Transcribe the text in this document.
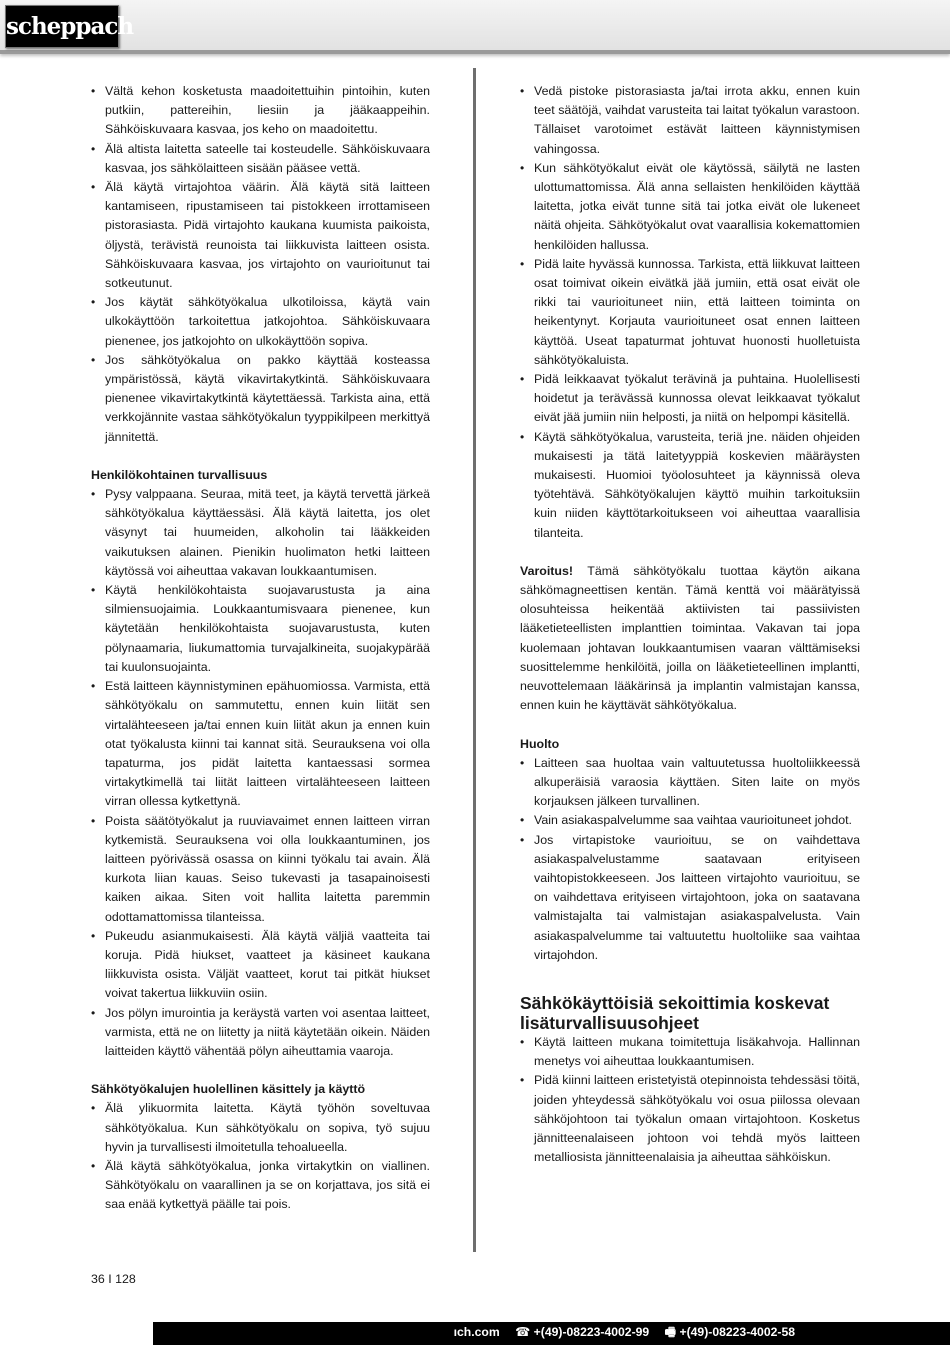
scheppach
• Vältä kehon kosketusta maadoitettuihin pintoihin, kuten putkiin, pattereihin, liesiin ja jääkaappeihin. Sähköiskuvaara kasvaa, jos keho on maadoitettu.
• Älä altista laitetta sateelle tai kosteudelle. Sähköiskuvaara kasvaa, jos sähkölaitteen sisään pääsee vettä.
• Älä käytä virtajohtoa väärin. Älä käytä sitä laitteen kantamiseen, ripustamiseen tai pistokkeen irrottamiseen pistorasiasta. Pidä virtajohto kaukana kuumista paikoista, öljystä, terävistä reunoista tai liikkuvista laitteen osista. Sähköiskuvaara kasvaa, jos virtajohto on vaurioitunut tai sotkeutunut.
• Jos käytät sähkötyökalua ulkotiloissa, käytä vain ulkokäyttöön tarkoitettua jatkojohtoa. Sähköiskuvaara pienenee, jos jatkojohto on ulkokäyttöön sopiva.
• Jos sähkötyökalua on pakko käyttää kosteassa ympäristössä, käytä vikavirtakytkintä. Sähköiskuvaara pienenee vikavirtakytkintä käytettäessä. Tarkista aina, että verkkojännite vastaa sähkötyökalun tyyppikilpeen merkittyä jännitettä.
Henkilökohtainen turvallisuus
• Pysy valppaana. Seuraa, mitä teet, ja käytä tervettä järkeä sähkötyökalua käyttäessäsi. Älä käytä laitetta, jos olet väsynyt tai huumeiden, alkoholin tai lääkkeiden vaikutuksen alainen. Pienikin huolimaton hetki laitteen käytössä voi aiheuttaa vakavan loukkaantumisen.
• Käytä henkilökohtaista suojavarustusta ja aina silmiensuojaimia. Loukkaantumisvaara pienenee, kun käytetään henkilökohtaista suojavarustusta, kuten pölynaamaria, liukumattomia turvajalkineita, suojakypärää tai kuulonsuojainta.
• Estä laitteen käynnistyminen epähuomiossa. Varmista, että sähkötyökalu on sammutettu, ennen kuin liität sen virtalähteeseen ja/tai ennen kuin liität akun ja ennen kuin otat työkalusta kiinni tai kannat sitä. Seurauksena voi olla tapaturma, jos pidät laitetta kantaessasi sormea virtakytkimellä tai liität laitteen virtalähteeseen laitteen virran ollessa kytkettynä.
• Poista säätötyökalut ja ruuviavaimet ennen laitteen virran kytkemistä. Seurauksena voi olla loukkaantuminen, jos laitteen pyörivässä osassa on kiinni työkalu tai avain. Älä kurkota liian kauas. Seiso tukevasti ja tasapainoisesti kaiken aikaa. Siten voit hallita laitetta paremmin odottamattomissa tilanteissa.
• Pukeudu asianmukaisesti. Älä käytä väljiä vaatteita tai koruja. Pidä hiukset, vaatteet ja käsineet kaukana liikkuvista osista. Väljät vaatteet, korut tai pitkät hiukset voivat takertua liikkuviin osiin.
• Jos pölyn imurointia ja keräystä varten voi asentaa laitteet, varmista, että ne on liitetty ja niitä käytetään oikein. Näiden laitteiden käyttö vähentää pölyn aiheuttamia vaaroja.
Sähkötyökalujen huolellinen käsittely ja käyttö
• Älä ylikuormita laitetta. Käytä työhön soveltuvaa sähkötyökalua. Kun sähkötyökalu on sopiva, työ sujuu hyvin ja turvallisesti ilmoitetulla tehoalueella.
• Älä käytä sähkötyökalua, jonka virtakytkin on viallinen. Sähkötyökalu on vaarallinen ja se on korjattava, jos sitä ei saa enää kytkettyä päälle tai pois.
• Vedä pistoke pistorasiasta ja/tai irrota akku, ennen kuin teet säätöjä, vaihdat varusteita tai laitat työkalun varastoon. Tällaiset varotoimet estävät laitteen käynnistymisen vahingossa.
• Kun sähkötyökalut eivät ole käytössä, säilytä ne lasten ulottumattomissa. Älä anna sellaisten henkilöiden käyttää laitetta, jotka eivät tunne sitä tai jotka eivät ole lukeneet näitä ohjeita. Sähkötyökalut ovat vaarallisia kokemattomien henkilöiden hallussa.
• Pidä laite hyvässä kunnossa. Tarkista, että liikkuvat laitteen osat toimivat oikein eivätkä jää jumiin, että osat eivät ole rikki tai vaurioituneet niin, että laitteen toiminta on heikentynyt. Korjauta vaurioituneet osat ennen laitteen käyttöä. Useat tapaturmat johtuvat huonosti huolletuista sähkötyökaluista.
• Pidä leikkaavat työkalut terävinä ja puhtaina. Huolellisesti hoidetut ja terävässä kunnossa olevat leikkaavat työkalut eivät jää jumiin niin helposti, ja niitä on helpompi käsitellä.
• Käytä sähkötyökalua, varusteita, teriä jne. näiden ohjeiden mukaisesti ja tätä laitetyyppiä koskevien määräysten mukaisesti. Huomioi työolosuhteet ja käynnissä oleva työtehtävä. Sähkötyökalujen käyttö muihin tarkoituksiin kuin niiden käyttötarkoitukseen voi aiheuttaa vaarallisia tilanteita.
Varoitus! Tämä sähkötyökalu tuottaa käytön aikana sähkömagneettisen kentän. Tämä kenttä voi määrätyissä olosuhteissa heikentää aktiivisten tai passiivisten lääketieteellisten implanttien toimintaa. Vakavan tai jopa kuolemaan johtavan loukkaantumisen vaaran välttämiseksi suosittelemme henkilöitä, joilla on lääketieteellinen implantti, neuvottelemaan lääkärinsä ja implantin valmistajan kanssa, ennen kuin he käyttävät sähkötyökalua.
Huolto
• Laitteen saa huoltaa vain valtuutetussa huoltoliikkeessä alkuperäisiä varaosia käyttäen. Siten laite on myös korjauksen jälkeen turvallinen.
• Vain asiakaspalvelumme saa vaihtaa vaurioituneet johdot.
• Jos virtapistoke vaurioituu, se on vaihdettava asiakaspalvelustamme saatavaan erityiseen vaihtopistokkeeseen. Jos laitteen virtajohto vaurioituu, se on vaihdettava erityiseen virtajohtoon, joka on saatavana valmistajalta tai valmistajan asiakaspalvelusta. Vain asiakaspalvelumme tai valtuutettu huoltoliike saa vaihtaa virtajohdon.
Sähkökäyttöisiä sekoittimia koskevat lisäturvallisuusohjeet
• Käytä laitteen mukana toimitettuja lisäkahvoja. Hallinnan menetys voi aiheuttaa loukkaantumisen.
• Pidä kiinni laitteen eristetyistä otepinnoista tehdessäsi töitä, joiden yhteydessä sähkötyökalu voi osua piilossa olevaan sähköjohtoon tai työkalun omaan virtajohtoon. Kosketus jännitteenalaiseen johtoon voi tehdä myös laitteen metalliosista jännitteenalaisia ja aiheuttaa sähköiskun.
36 I 128
ıch.com ☎ +(49)-08223-4002-99 🖷 +(49)-08223-4002-58
